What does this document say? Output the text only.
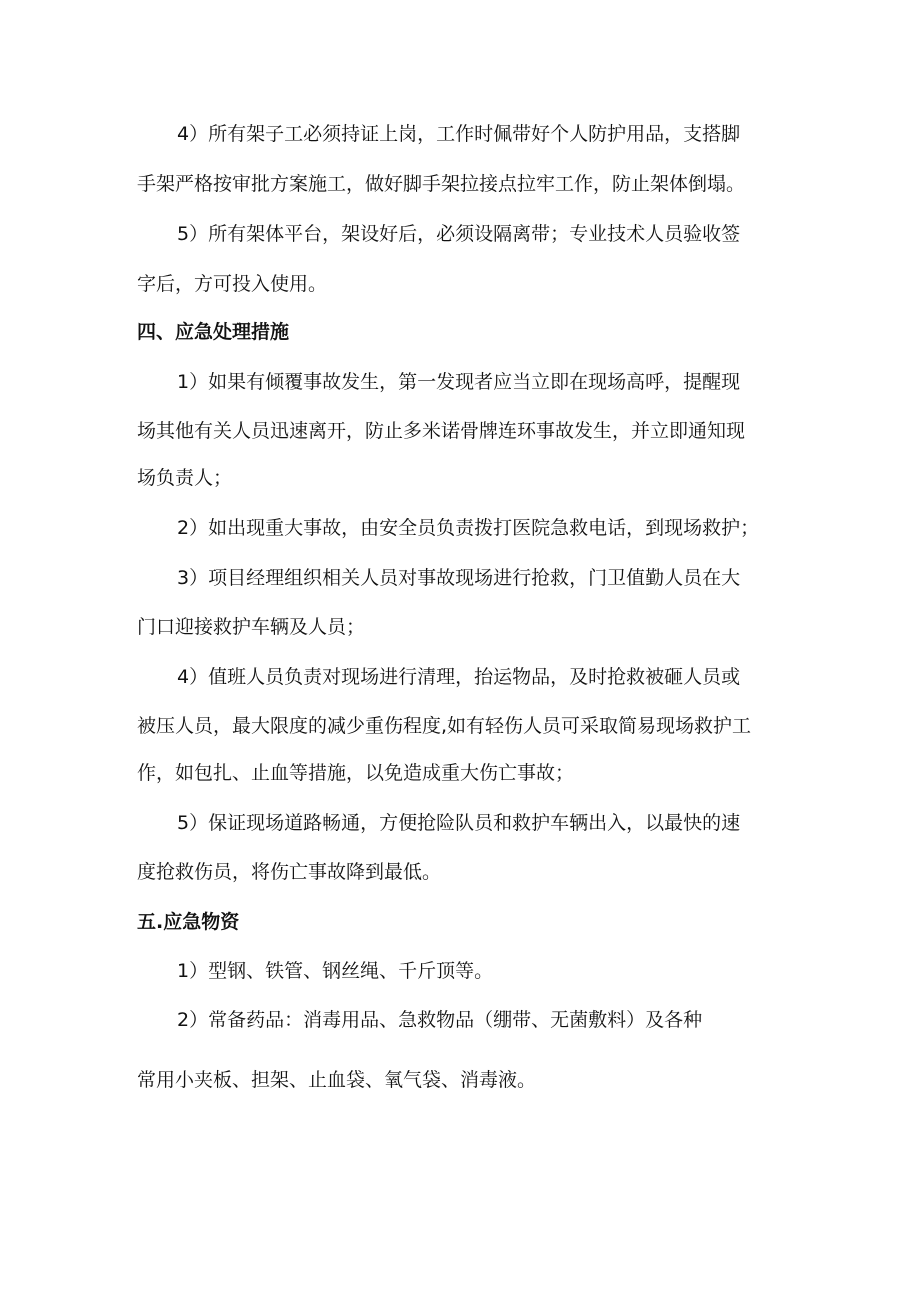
4）所有架子工必须持证上岗，工作时佩带好个人防护用品，支搭脚

手架严格按审批方案施工，做好脚手架拉接点拉牢工作，防止架体倒塌。

5）所有架体平台，架设好后，必须设隔离带；专业技术人员验收签

字后，方可投入使用。

四、应急处理措施

1）如果有倾覆事故发生，第一发现者应当立即在现场高呼，提醒现

场其他有关人员迅速离开，防止多米诺骨牌连环事故发生，并立即通知现

场负责人；

2）如出现重大事故，由安全员负责拨打医院急救电话，到现场救护；

3）项目经理组织相关人员对事故现场进行抢救，门卫值勤人员在大

门口迎接救护车辆及人员；

4）值班人员负责对现场进行清理，抬运物品，及时抢救被砸人员或

被压人员，最大限度的减少重伤程度,如有轻伤人员可采取简易现场救护工

作，如包扎、止血等措施，以免造成重大伤亡事故；

5）保证现场道路畅通，方便抢险队员和救护车辆出入，以最快的速

度抢救伤员，将伤亡事故降到最低。

五.应急物资

1）型钢、铁管、钢丝绳、千斤顶等。

2）常备药品：消毒用品、急救物品（绷带、无菌敷料）及各种

常用小夹板、担架、止血袋、氧气袋、消毒液。
